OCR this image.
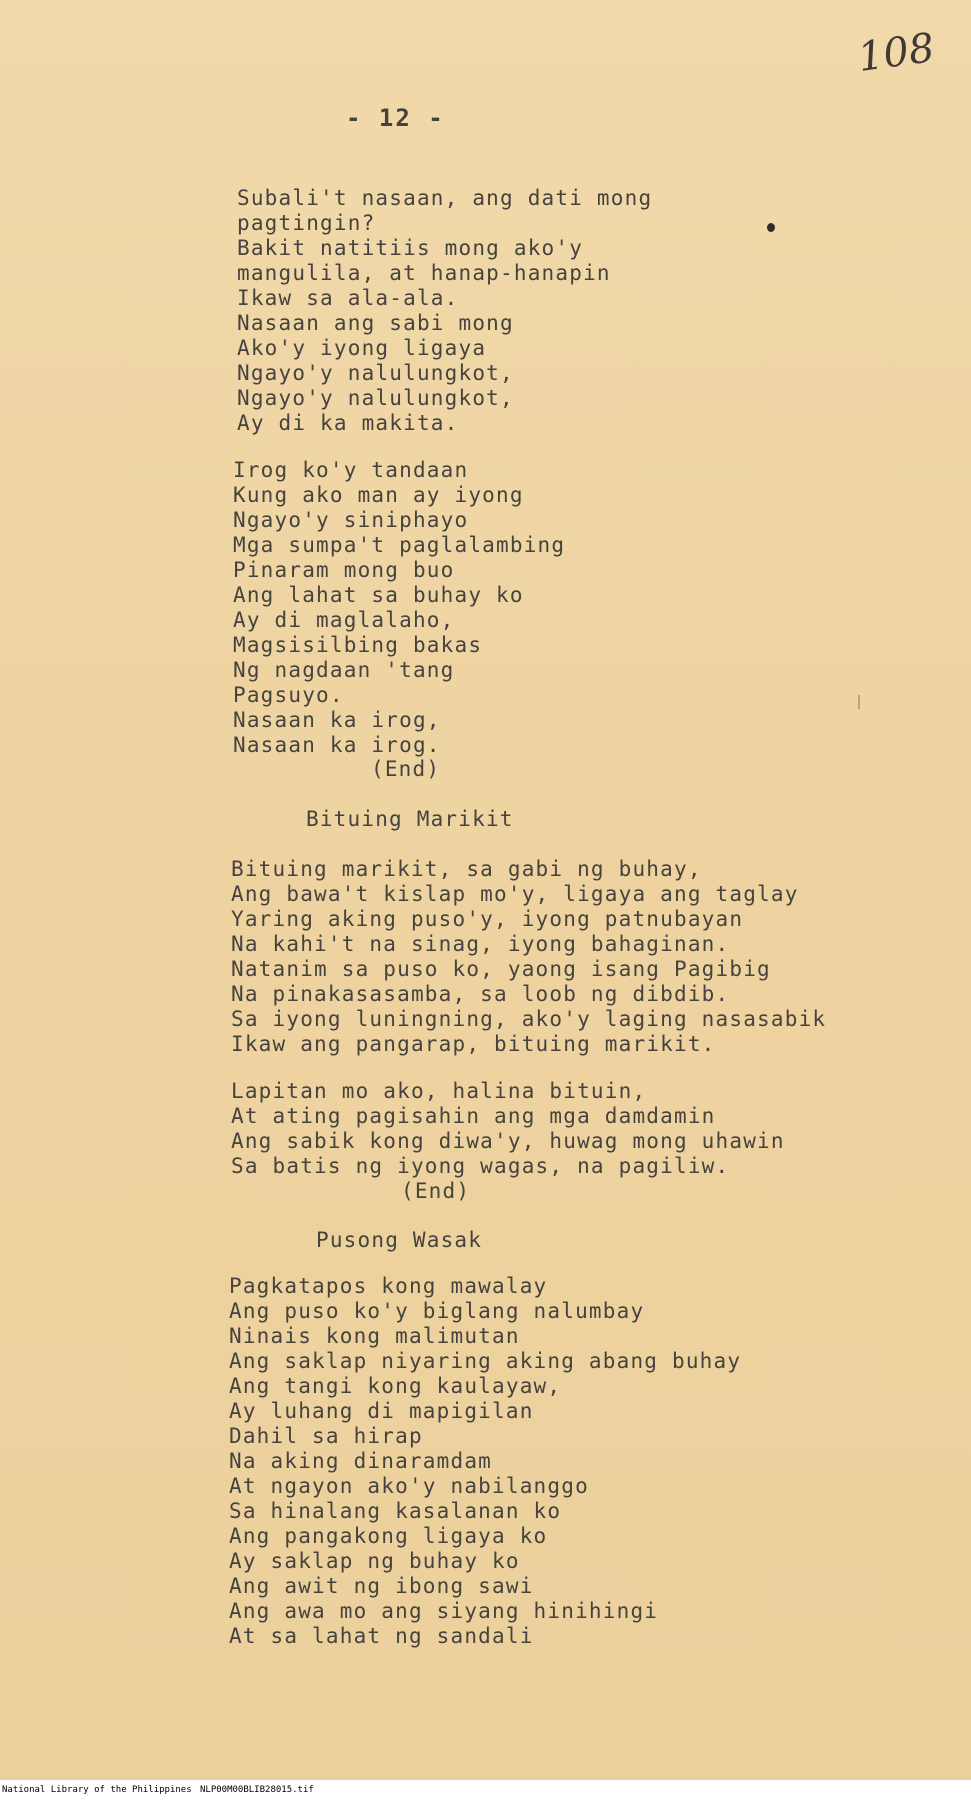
108
- 12 -
Subali't nasaan, ang dati mong
pagtingin?
Bakit natitiis mong ako'y
mangulila, at hanap-hanapin
Ikaw sa ala-ala.
Nasaan ang sabi mong
Ako'y iyong ligaya
Ngayo'y nalulungkot,
Ngayo'y nalulungkot,
Ay di ka makita.
Irog ko'y tandaan
Kung ako man ay iyong
Ngayo'y siniphayo
Mga sumpa't paglalambing
Pinaram mong buo
Ang lahat sa buhay ko
Ay di maglalaho,
Magsisilbing bakas
Ng nagdaan 'tang
Pagsuyo.
Nasaan ka irog,
Nasaan ka irog.
(End)
Bituing Marikit
Bituing marikit, sa gabi ng buhay,
Ang bawa't kislap mo'y, ligaya ang taglay
Yaring aking puso'y, iyong patnubayan
Na kahi't na sinag, iyong bahaginan.
Natanim sa puso ko, yaong isang Pagibig
Na pinakasasamba, sa loob ng dibdib.
Sa iyong luningning, ako'y laging nasasabik
Ikaw ang pangarap, bituing marikit.
Lapitan mo ako, halina bituin,
At ating pagisahin ang mga damdamin
Ang sabik kong diwa'y, huwag mong uhawin
Sa batis ng iyong wagas, na pagiliw.
(End)
Pusong Wasak
Pagkatapos kong mawalay
Ang puso ko'y biglang nalumbay
Ninais kong malimutan
Ang saklap niyaring aking abang buhay
Ang tangi kong kaulayaw,
Ay luhang di mapigilan
Dahil sa hirap
Na aking dinaramdam
At ngayon ako'y nabilanggo
Sa hinalang kasalanan ko
Ang pangakong ligaya ko
Ay saklap ng buhay ko
Ang awit ng ibong sawi
Ang awa mo ang siyang hinihingi
At sa lahat ng sandali
National Library of the Philippines NLP00M00BLIB28015.tif
